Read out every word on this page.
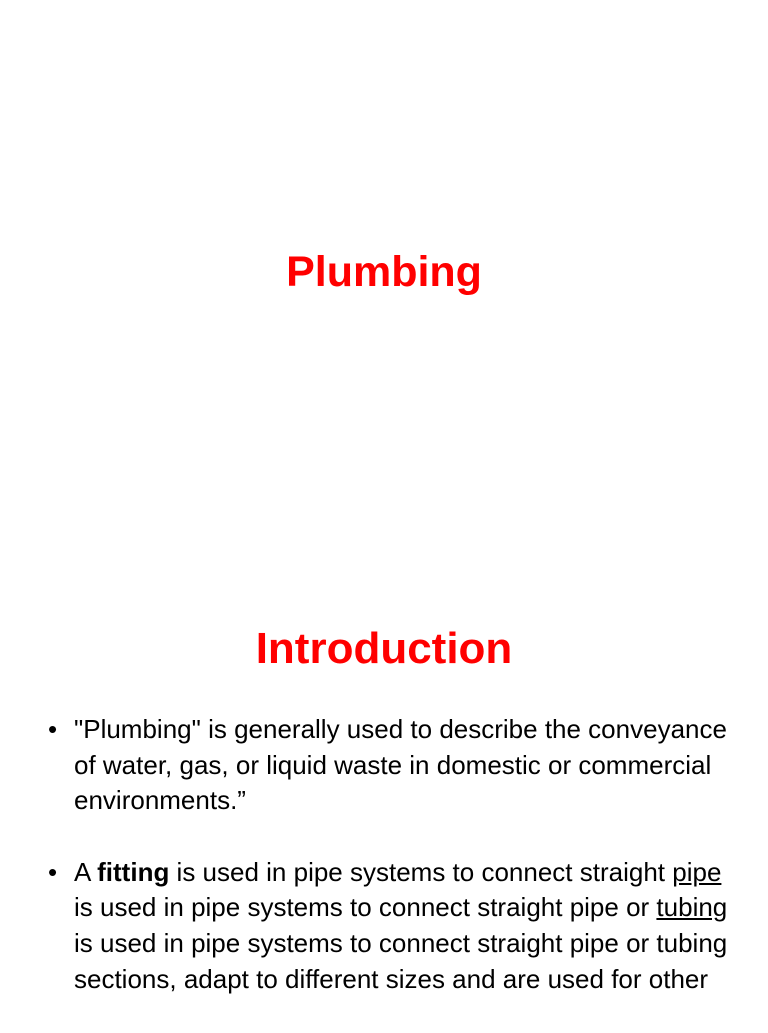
Plumbing
Introduction
• "Plumbing" is generally used to describe the conveyance of water, gas, or liquid waste in domestic or commercial environments.”
• A fitting is used in pipe systems to connect straight pipe is used in pipe systems to connect straight pipe or tubing is used in pipe systems to connect straight pipe or tubing sections, adapt to different sizes and are used for other
